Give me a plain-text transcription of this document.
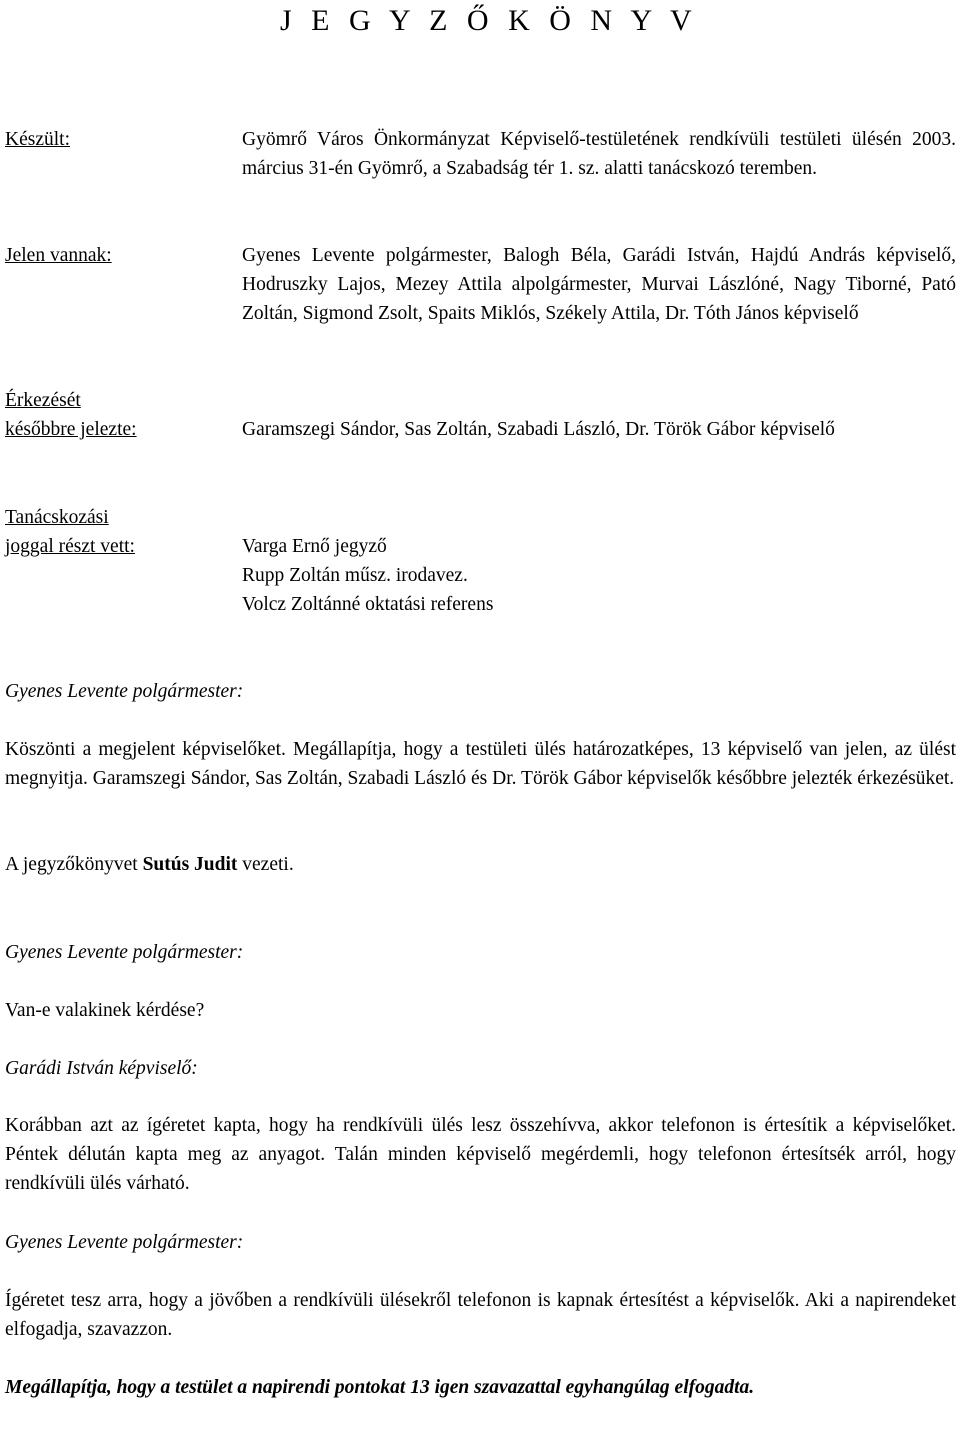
J E G Y Z Ő K Ö N Y V
Készült:	Gyömrő Város Önkormányzat Képviselő-testületének rendkívüli testületi ülésén 2003. március 31-én Gyömrő, a Szabadság tér 1. sz. alatti tanácskozó teremben.
Jelen vannak:	Gyenes Levente polgármester, Balogh Béla, Garádi István, Hajdú András képviselő, Hodruszky Lajos, Mezey Attila alpolgármester, Murvai Lászlóné, Nagy Tiborné, Pató Zoltán, Sigmond Zsolt, Spaits Miklós, Székely Attila, Dr. Tóth János képviselő
Érkezését
későbbre jelezte:	Garamszegi Sándor, Sas Zoltán, Szabadi László, Dr. Török Gábor képviselő
Tanácskozási
joggal részt vett:	Varga Ernő jegyző
Rupp Zoltán műsz. irodavez.
Volcz Zoltánné oktatási referens
Gyenes Levente polgármester:
Köszönti a megjelent képviselőket. Megállapítja, hogy a testületi ülés határozatképes, 13 képviselő van jelen, az ülést megnyitja. Garamszegi Sándor, Sas Zoltán, Szabadi László és Dr. Török Gábor képviselők későbbre jelezték érkezésüket.
A jegyzőkönyvet Sutús Judit vezeti.
Gyenes Levente polgármester:
Van-e valakinek kérdése?
Garádi István képviselő:
Korábban azt az ígéretet kapta, hogy ha rendkívüli ülés lesz összehívva, akkor telefonon is értesítik a képviselőket. Péntek délután kapta meg az anyagot. Talán minden képviselő megérdemli, hogy telefonon értesítsék arról, hogy rendkívüli ülés várható.
Gyenes Levente polgármester:
Ígéretet tesz arra, hogy a jövőben a rendkívüli ülésekről telefonon is kapnak értesítést a képviselők. Aki a napirendeket elfogadja, szavazzon.
Megállapítja, hogy a testület a napirendi pontokat 13 igen szavazattal egyhangúlag elfogadta.
